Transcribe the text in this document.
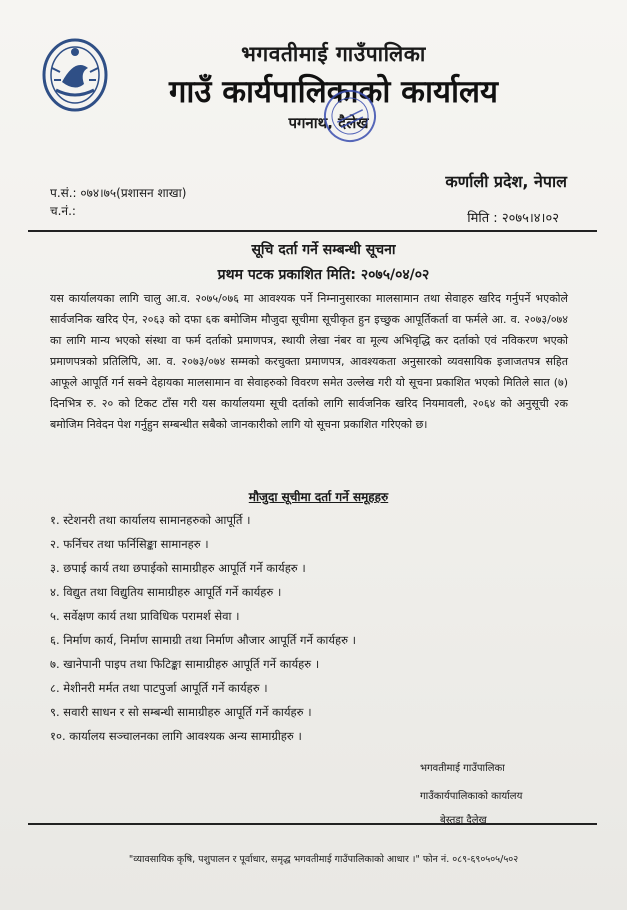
भगवतीमाई गाउँपालिका
गाउँ कार्यपालिकाको कार्यालय
पगनाथ, दैलेख
कर्णाली प्रदेश, नेपाल
प.सं.: ०७४।७५(प्रशासन शाखा)
च.नं.:	मिति : २०७५।४।०२
सूचि दर्ता गर्ने सम्बन्धी सूचना
प्रथम पटक प्रकाशित मिति: २०७५/०४/०२
यस कार्यालयका लागि चालु आ.व. २०७५/०७६ मा आवश्यक पर्ने निम्नानुसारका मालसामान तथा सेवाहरु खरिद गर्नुपर्ने भएकोले सार्वजनिक खरिद ऐन, २०६३ को दफा ६क बमोजिम मौजुदा सूचीमा सूचीकृत हुन इच्छुक आपूर्तिकर्ता वा फर्मले आ. व. २०७३/०७४ का लागि मान्य भएको संस्था वा फर्म दर्ताको प्रमाणपत्र, स्थायी लेखा नंबर वा मूल्य अभिवृद्धि कर दर्ताको एवं नविकरण भएको प्रमाणपत्रको प्रतिलिपि, आ. व. २०७३/०७४ सम्मको करचुक्ता प्रमाणपत्र, आवश्यकता अनुसारको व्यवसायिक इजाजतपत्र सहित आफूले आपूर्ति गर्न सक्ने देहायका मालसामान वा सेवाहरुको विवरण समेत उल्लेख गरी यो सूचना प्रकाशित भएको मितिले सात (७) दिनभित्र रु. २० को टिकट टाँस गरी यस कार्यालयमा सूची दर्ताको लागि सार्वजनिक खरिद नियमावली, २०६४ को अनुसूची २क बमोजिम निवेदन पेश गर्नुहुन सम्बन्धीत सबैको जानकारीको लागि यो सूचना प्रकाशित गरिएको छ।
मौजुदा सूचीमा दर्ता गर्ने समूहहरु
१. स्टेशनरी तथा कार्यालय सामानहरुको आपूर्ति ।
२. फर्निचर तथा फर्निसिङ्का सामानहरु ।
३. छपाई कार्य तथा छपाईको सामाग्रीहरु आपूर्ति गर्ने कार्यहरु ।
४. विद्युत तथा विद्युतिय सामाग्रीहरु आपूर्ति गर्ने कार्यहरु ।
५. सर्वेक्षण कार्य तथा प्राविधिक परामर्श सेवा ।
६. निर्माण कार्य, निर्माण सामाग्री तथा निर्माण औजार आपूर्ति गर्ने कार्यहरु ।
७. खानेपानी पाइप तथा फिटिङ्का सामाग्रीहरु आपूर्ति गर्ने कार्यहरु ।
८. मेशीनरी मर्मत तथा पाटपुर्जा आपूर्ति गर्ने कार्यहरु ।
९. सवारी साधन र सो सम्बन्धी सामाग्रीहरु आपूर्ति गर्ने कार्यहरु ।
१०. कार्यालय सञ्चालनका लागि आवश्यक अन्य सामाग्रीहरु ।
भगवतीमाई गाउँपालिका
गाउँकार्यपालिकाको कार्यालय
बेस्तडा दैलेख
"व्यावसायिक कृषि, पशुपालन र पूर्वाधार, समृद्ध भगवतीमाई गाउँपालिकाको आधार ।" फोन नं. ०८९-६९०५०५/५०२
